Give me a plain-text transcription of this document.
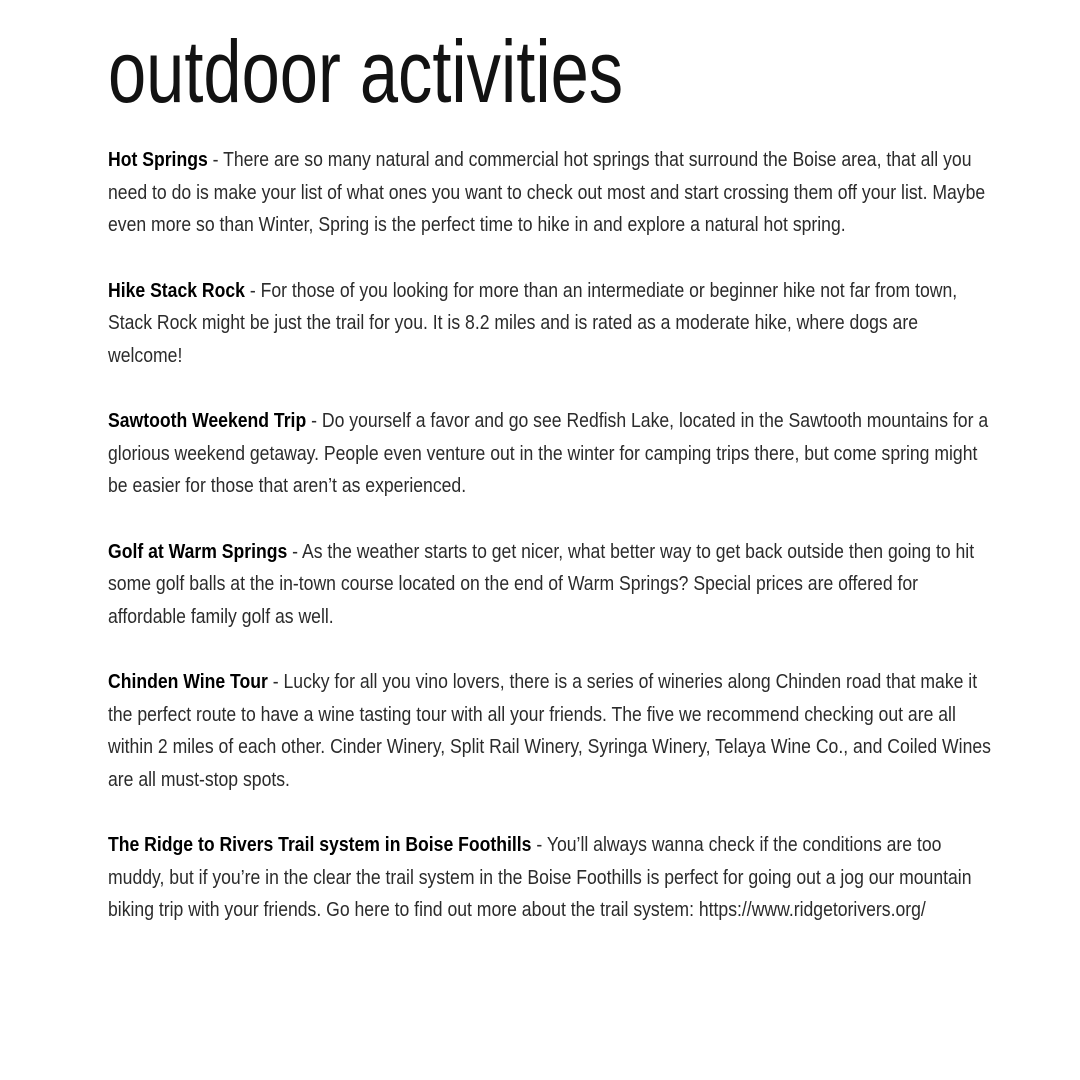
outdoor activities

Hot Springs - There are so many natural and commercial hot springs that surround the Boise area, that all you need to do is make your list of what ones you want to check out most and start crossing them off your list. Maybe even more so than Winter, Spring is the perfect time to hike in and explore a natural hot spring.

Hike Stack Rock - For those of you looking for more than an intermediate or beginner hike not far from town, Stack Rock might be just the trail for you. It is 8.2 miles and is rated as a moderate hike, where dogs are welcome!

Sawtooth Weekend Trip - Do yourself a favor and go see Redfish Lake, located in the Sawtooth mountains for a glorious weekend getaway. People even venture out in the winter for camping trips there, but come spring might be easier for those that aren’t as experienced.

Golf at Warm Springs - As the weather starts to get nicer, what better way to get back outside then going to hit some golf balls at the in-town course located on the end of Warm Springs? Special prices are offered for affordable family golf as well.

Chinden Wine Tour - Lucky for all you vino lovers, there is a series of wineries along Chinden road that make it the perfect route to have a wine tasting tour with all your friends. The five we recommend checking out are all within 2 miles of each other. Cinder Winery, Split Rail Winery, Syringa Winery, Telaya Wine Co., and Coiled Wines are all must-stop spots.

The Ridge to Rivers Trail system in Boise Foothills - You’ll always wanna check if the conditions are too muddy, but if you’re in the clear the trail system in the Boise Foothills is perfect for going out a jog our mountain biking trip with your friends. Go here to find out more about the trail system: https://www.ridgetorivers.org/
